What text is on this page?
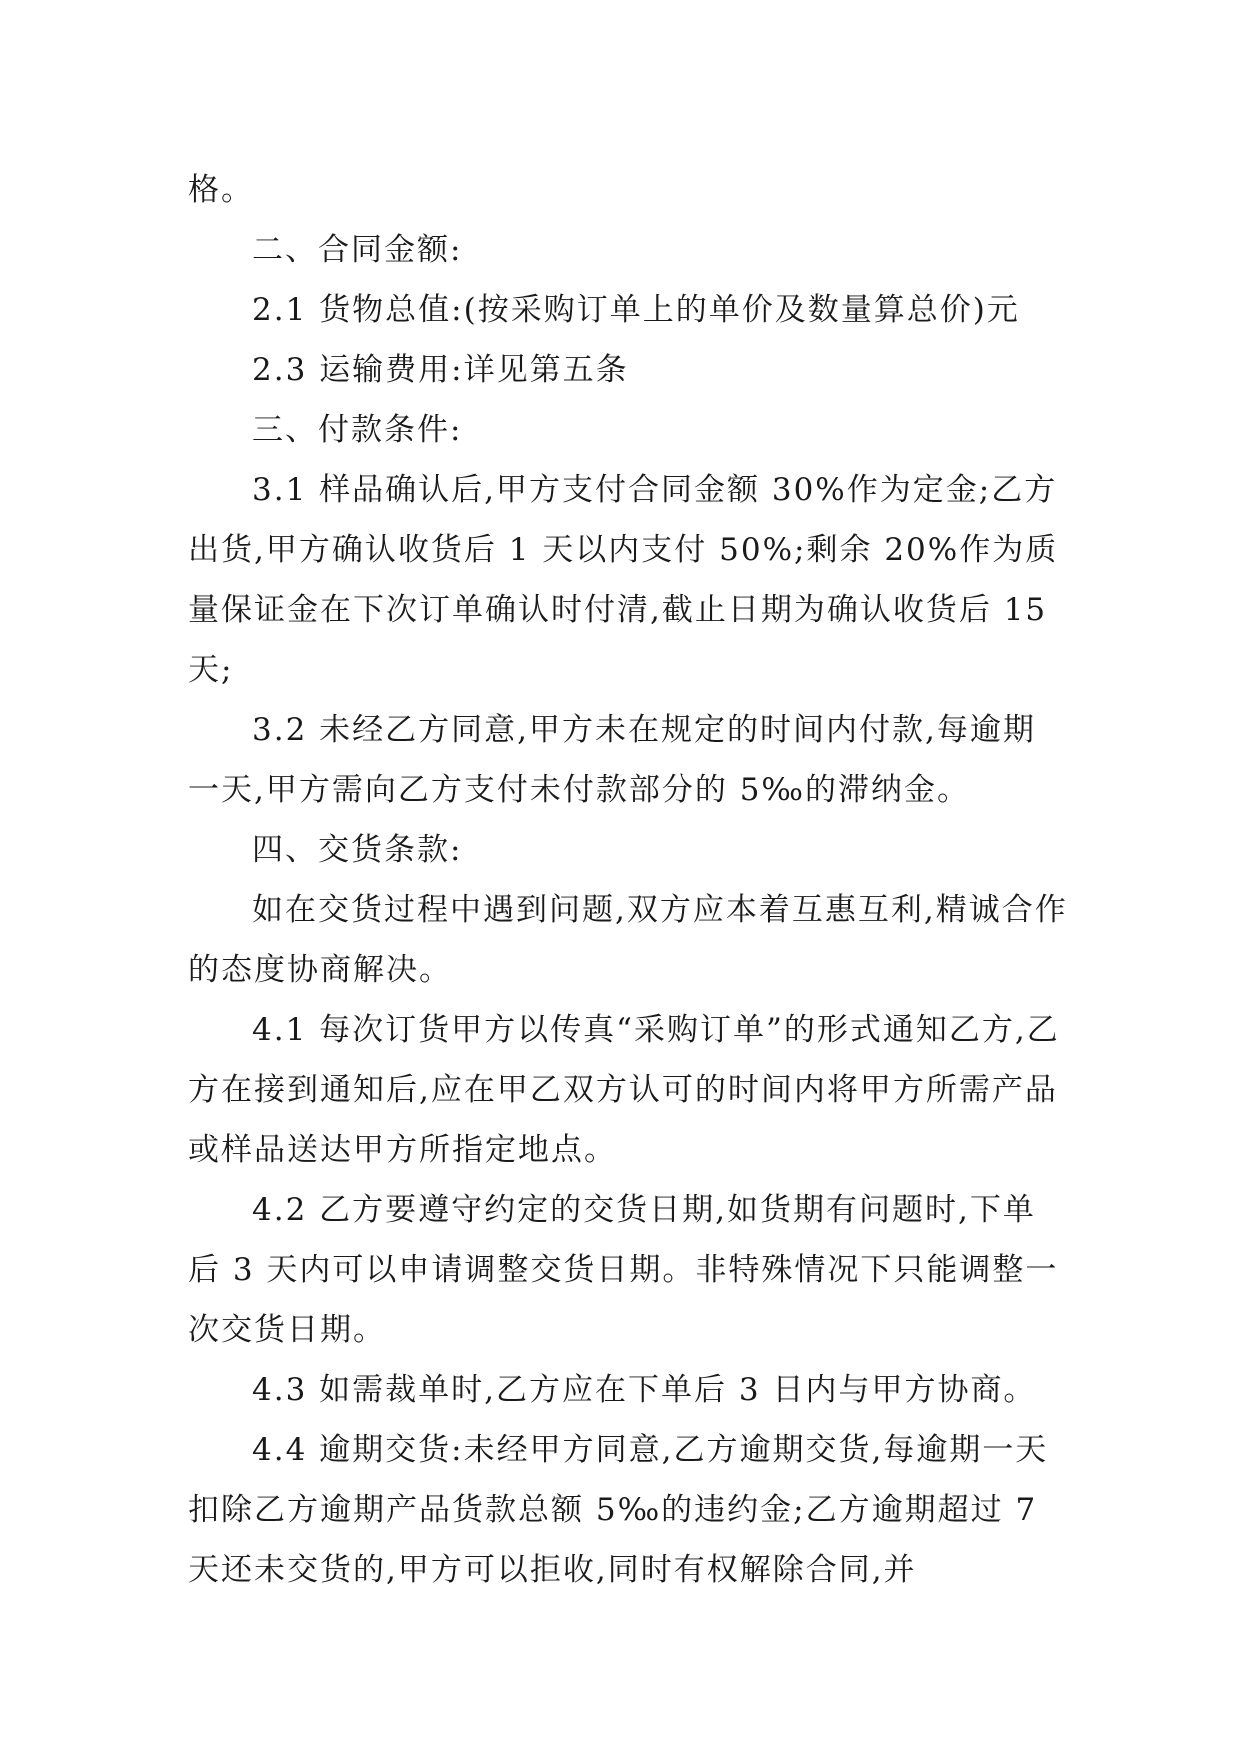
格。

二、合同金额:

2.1 货物总值:(按采购订单上的单价及数量算总价)元

2.3 运输费用:详见第五条

三、付款条件:

3.1 样品确认后,甲方支付合同金额 30%作为定金;乙方出货,甲方确认收货后 1 天以内支付 50%;剩余 20%作为质量保证金在下次订单确认时付清,截止日期为确认收货后 15 天;

3.2 未经乙方同意,甲方未在规定的时间内付款,每逾期一天,甲方需向乙方支付未付款部分的 5‰的滞纳金。

四、交货条款:

如在交货过程中遇到问题,双方应本着互惠互利,精诚合作的态度协商解决。

4.1 每次订货甲方以传真“采购订单”的形式通知乙方,乙方在接到通知后,应在甲乙双方认可的时间内将甲方所需产品或样品送达甲方所指定地点。

4.2 乙方要遵守约定的交货日期,如货期有问题时,下单后 3 天内可以申请调整交货日期。非特殊情况下只能调整一次交货日期。

4.3 如需裁单时,乙方应在下单后 3 日内与甲方协商。

4.4 逾期交货:未经甲方同意,乙方逾期交货,每逾期一天扣除乙方逾期产品货款总额 5‰的违约金;乙方逾期超过 7 天还未交货的,甲方可以拒收,同时有权解除合同,并
